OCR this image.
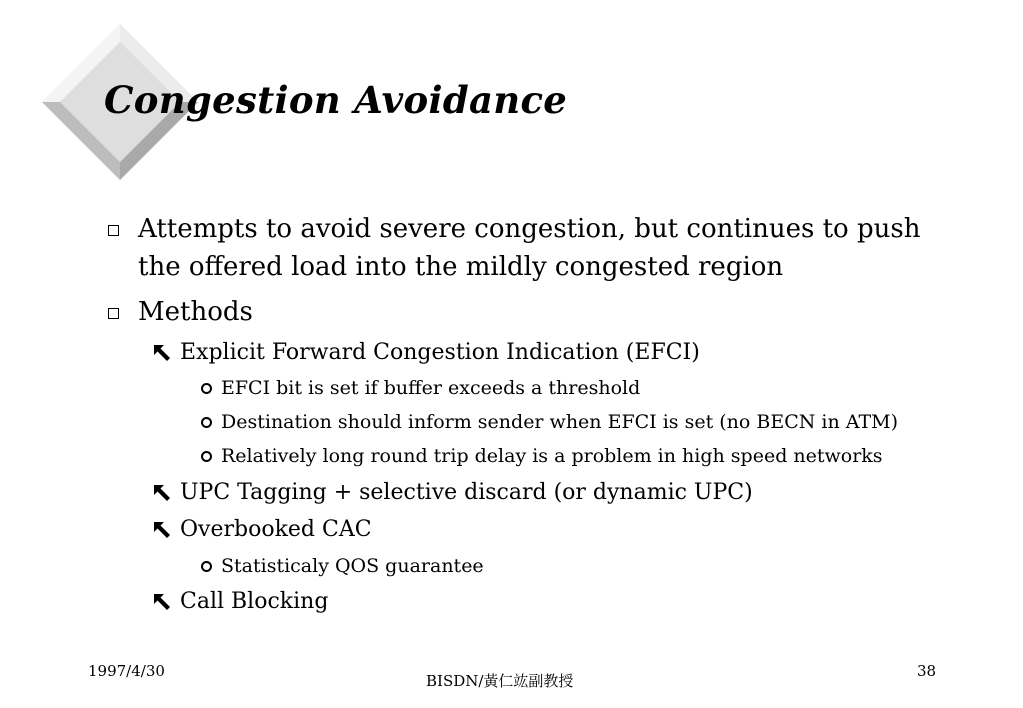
Congestion Avoidance
Attempts to avoid severe congestion, but continues to push
the offered load into the mildly congested region
Methods
Explicit Forward Congestion Indication (EFCI)
EFCI bit is set if buffer exceeds a threshold
Destination should inform sender when EFCI is set (no BECN in ATM)
Relatively long round trip delay is a problem in high speed networks
UPC Tagging + selective discard (or dynamic UPC)
Overbooked CAC
Statisticaly QOS guarantee
Call Blocking
1997/4/30
BISDN/黃仁竑副教授
38
